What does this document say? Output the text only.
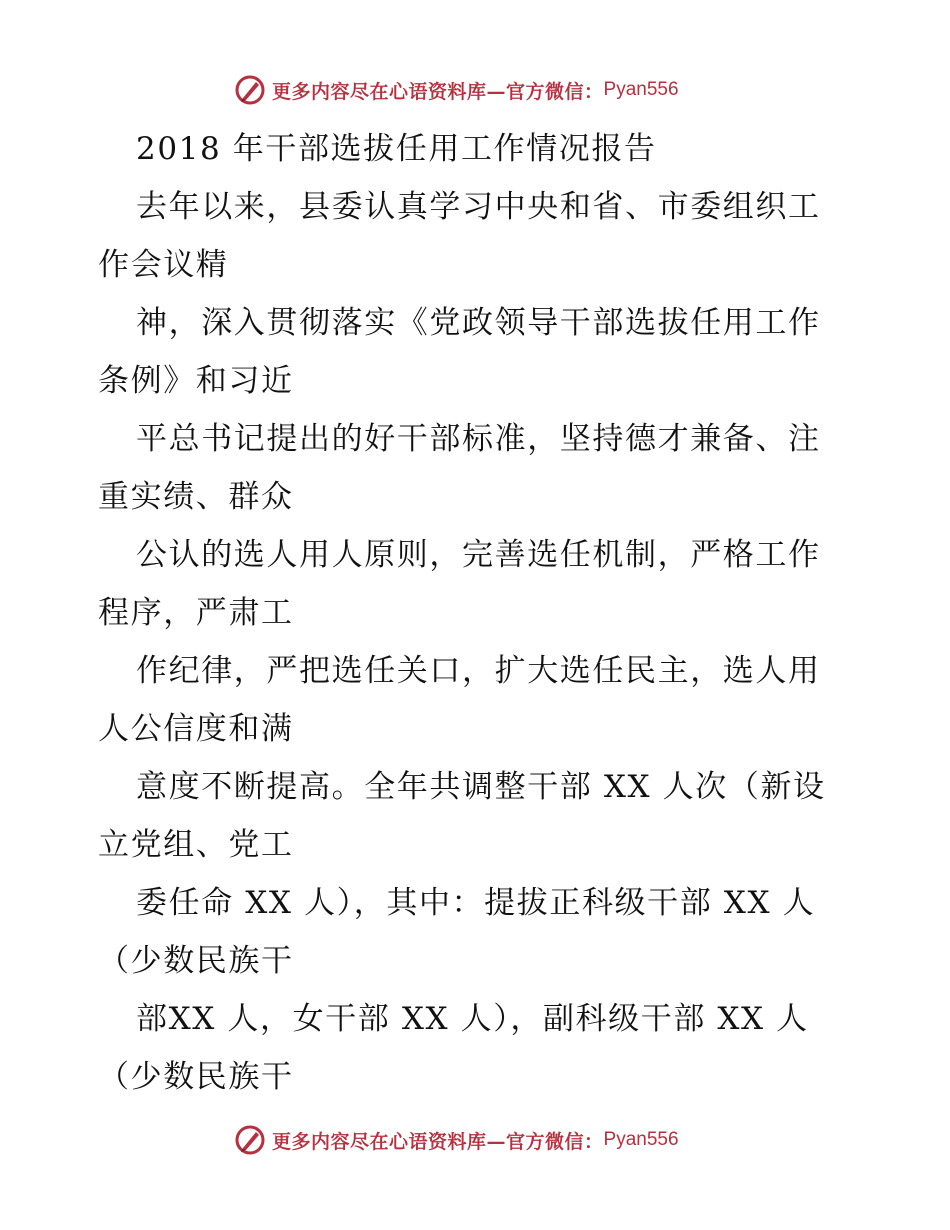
更多内容尽在心语资料库—官方微信： Pyan556
2018 年干部选拔任用工作情况报告
去年以来，县委认真学习中央和省、市委组织工
作会议精
神，深入贯彻落实《党政领导干部选拔任用工作
条例》和习近
平总书记提出的好干部标准，坚持德才兼备、注
重实绩、群众
公认的选人用人原则，完善选任机制，严格工作
程序，严肃工
作纪律，严把选任关口，扩大选任民主，选人用
人公信度和满
意度不断提高。全年共调整干部 XX 人次（新设
立党组、党工
委任命 XX 人），其中：提拔正科级干部 XX 人
（少数民族干
部XX 人，女干部 XX 人），副科级干部 XX 人
（少数民族干
更多内容尽在心语资料库—官方微信： Pyan556
